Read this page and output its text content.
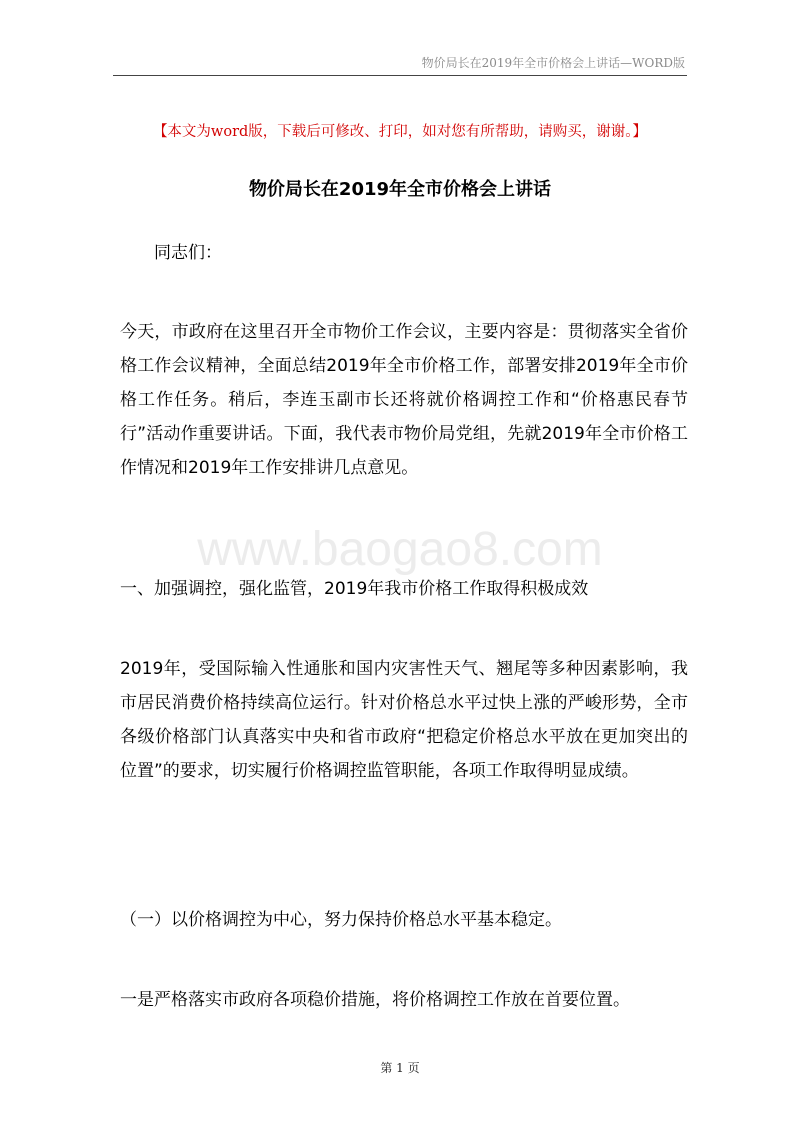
物价局长在2019年全市价格会上讲话—WORD版
【本文为word版，下载后可修改、打印，如对您有所帮助，请购买，谢谢。】
物价局长在2019年全市价格会上讲话
同志们：
今天，市政府在这里召开全市物价工作会议，主要内容是：贯彻落实全省价格工作会议精神，全面总结2019年全市价格工作，部署安排2019年全市价格工作任务。稍后，李连玉副市长还将就价格调控工作和“价格惠民春节行”活动作重要讲话。下面，我代表市物价局党组，先就2019年全市价格工作情况和2019年工作安排讲几点意见。
www.baogao8.com
一、加强调控，强化监管，2019年我市价格工作取得积极成效
2019年，受国际输入性通胀和国内灾害性天气、翘尾等多种因素影响，我市居民消费价格持续高位运行。针对价格总水平过快上涨的严峻形势，全市各级价格部门认真落实中央和省市政府“把稳定价格总水平放在更加突出的位置”的要求，切实履行价格调控监管职能，各项工作取得明显成绩。
（一）以价格调控为中心，努力保持价格总水平基本稳定。
一是严格落实市政府各项稳价措施，将价格调控工作放在首要位置。
第 1 页
